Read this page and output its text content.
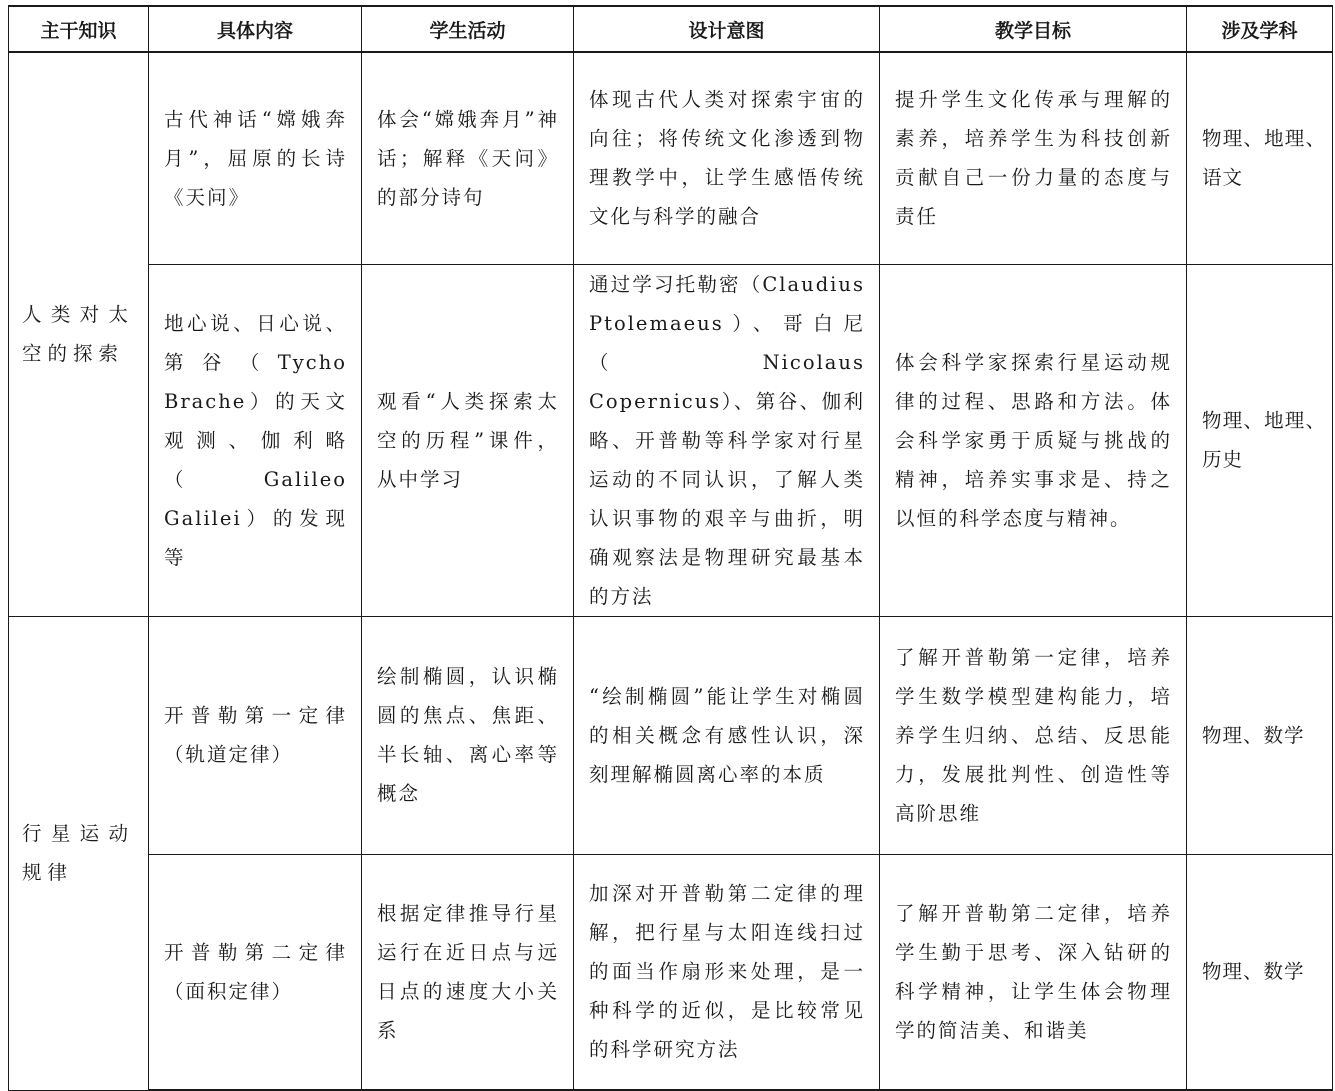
主干知识	具体内容	学生活动	设计意图	教学目标	涉及学科

人类对太空的探索	古代神话“嫦娥奔月”，屈原的长诗《天问》	体会“嫦娥奔月”神话；解释《天问》的部分诗句	体现古代人类对探索宇宙的向往；将传统文化渗透到物理教学中，让学生感悟传统文化与科学的融合	提升学生文化传承与理解的素养，培养学生为科技创新贡献自己一份力量的态度与责任	物理、地理、语文

	地心说、日心说、第谷（Tycho Brache）的天文观测、伽利略（Galileo Galilei）的发现等	观看“人类探索太空的历程”课件，从中学习	通过学习托勒密（Claudius Ptolemaeus）、哥白尼（Nicolaus Copernicus）、第谷、伽利略、开普勒等科学家对行星运动的不同认识，了解人类认识事物的艰辛与曲折，明确观察法是物理研究最基本的方法	体会科学家探索行星运动规律的过程、思路和方法。体会科学家勇于质疑与挑战的精神，培养实事求是、持之以恒的科学态度与精神。	物理、地理、历史

行星运动规律	开普勒第一定律（轨道定律）	绘制椭圆，认识椭圆的焦点、焦距、半长轴、离心率等概念	“绘制椭圆”能让学生对椭圆的相关概念有感性认识，深刻理解椭圆离心率的本质	了解开普勒第一定律，培养学生数学模型建构能力，培养学生归纳、总结、反思能力，发展批判性、创造性等高阶思维	物理、数学

	开普勒第二定律（面积定律）	根据定律推导行星运行在近日点与远日点的速度大小关系	加深对开普勒第二定律的理解，把行星与太阳连线扫过的面当作扇形来处理，是一种科学的近似，是比较常见的科学研究方法	了解开普勒第二定律，培养学生勤于思考、深入钻研的科学精神，让学生体会物理学的简洁美、和谐美	物理、数学
